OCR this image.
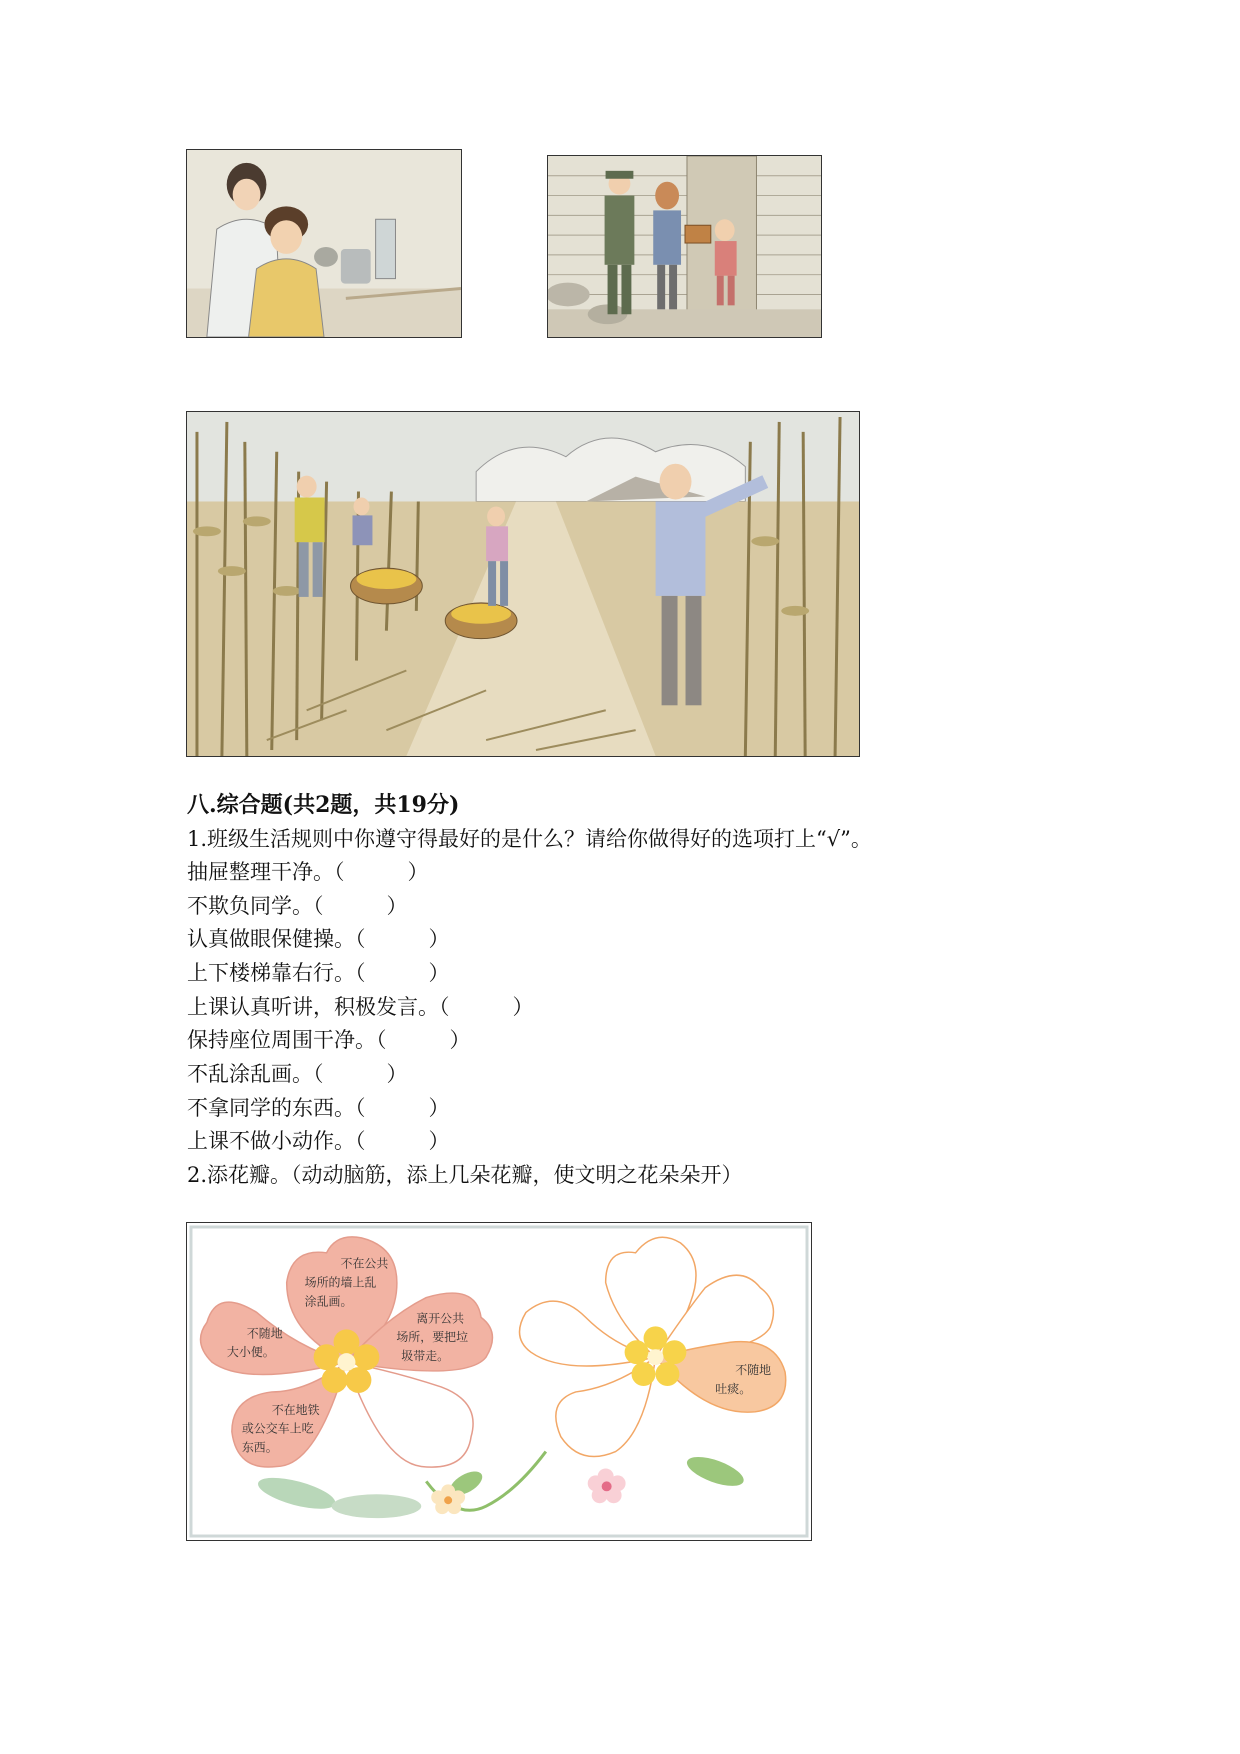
八.综合题(共2题，共19分)
1.班级生活规则中你遵守得最好的是什么？请给你做得好的选项打上“√”。
抽屉整理干净。（　　　）
不欺负同学。（　　　）
认真做眼保健操。（　　　）
上下楼梯靠右行。（　　　）
上课认真听讲，积极发言。（　　　）
保持座位周围干净。（　　　）
不乱涂乱画。（　　　）
不拿同学的东西。（　　　）
上课不做小动作。（　　　）
2.添花瓣。（动动脑筋，添上几朵花瓣，使文明之花朵朵开）
不在公共
场所的墙上乱
涂乱画。
离开公共
场所，要把垃
圾带走。
不随地
大小便。
不在地铁
或公交车上吃
东西。
不随地
吐痰。
